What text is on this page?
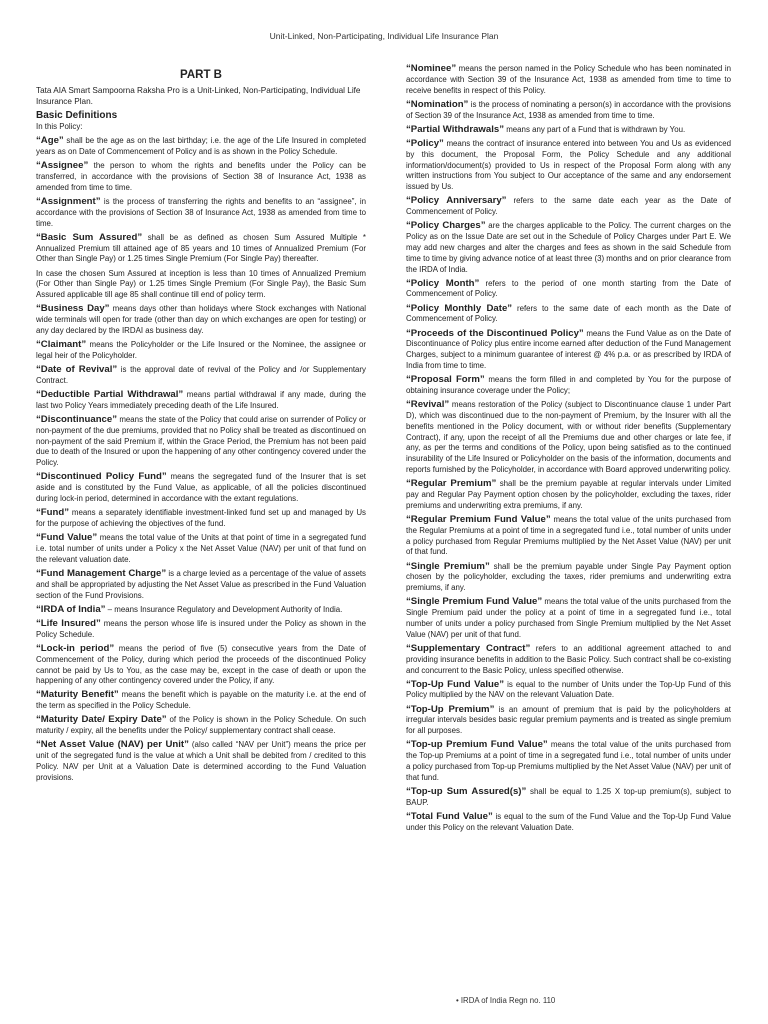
Unit-Linked, Non-Participating, Individual Life Insurance Plan
PART B
Tata AIA Smart Sampoorna Raksha Pro is a Unit-Linked, Non-Participating, Individual Life Insurance Plan.
Basic Definitions
In this Policy:
“Age” shall be the age as on the last birthday; i.e. the age of the Life Insured in completed years as on Date of Commencement of Policy and is as shown in the Policy Schedule.
“Assignee” the person to whom the rights and benefits under the Policy can be transferred, in accordance with the provisions of Section 38 of Insurance Act, 1938 as amended from time to time.
“Assignment” is the process of transferring the rights and benefits to an “assignee”, in accordance with the provisions of Section 38 of Insurance Act, 1938 as amended from time to time.
“Basic Sum Assured” shall be as defined as chosen Sum Assured Multiple * Annualized Premium till attained age of 85 years and 10 times of Annualized Premium (For Other than Single Pay) or 1.25 times Single Premium (For Single Pay) thereafter.
In case the chosen Sum Assured at inception is less than 10 times of Annualized Premium (For Other than Single Pay) or 1.25 times Single Premium (For Single Pay), the Basic Sum Assured applicable till age 85 shall continue till end of policy term.
“Business Day” means days other than holidays where Stock exchanges with National wide terminals will open for trade (other than day on which exchanges are open for testing) or any day declared by the IRDAI as business day.
“Claimant” means the Policyholder or the Life Insured or the Nominee, the assignee or legal heir of the Policyholder.
“Date of Revival” is the approval date of revival of the Policy and /or Supplementary Contract.
“Deductible Partial Withdrawal” means partial withdrawal if any made, during the last two Policy Years immediately preceding death of the Life Insured.
“Discontinuance” means the state of the Policy that could arise on surrender of Policy or non-payment of the due premiums, provided that no Policy shall be treated as discontinued on non-payment of the said Premium if, within the Grace Period, the Premium has not been paid due to death of the Insured or upon the happening of any other contingency covered under the Policy.
“Discontinued Policy Fund” means the segregated fund of the Insurer that is set aside and is constituted by the Fund Value, as applicable, of all the policies discontinued during lock-in period, determined in accordance with the extant regulations.
“Fund” means a separately identifiable investment-linked fund set up and managed by Us for the purpose of achieving the objectives of the fund.
“Fund Value” means the total value of the Units at that point of time in a segregated fund i.e. total number of units under a Policy x the Net Asset Value (NAV) per unit of that fund on the relevant valuation date.
“Fund Management Charge” is a charge levied as a percentage of the value of assets and shall be appropriated by adjusting the Net Asset Value as prescribed in the Fund Valuation section of the Fund Provisions.
“IRDA of India” – means Insurance Regulatory and Development Authority of India.
“Life Insured” means the person whose life is insured under the Policy as shown in the Policy Schedule.
“Lock-in period” means the period of five (5) consecutive years from the Date of Commencement of the Policy, during which period the proceeds of the discontinued Policy cannot be paid by Us to You, as the case may be, except in the case of death or upon the happening of any other contingency covered under the Policy, if any.
“Maturity Benefit” means the benefit which is payable on the maturity i.e. at the end of the term as specified in the Policy Schedule.
“Maturity Date/ Expiry Date” of the Policy is shown in the Policy Schedule. On such maturity / expiry, all the benefits under the Policy/ supplementary contract shall cease.
“Net Asset Value (NAV) per Unit” (also called “NAV per Unit”) means the price per unit of the segregated fund is the value at which a Unit shall be debited from / credited to this Policy. NAV per Unit at a Valuation Date is determined according to the Fund Valuation provisions.
“Nominee” means the person named in the Policy Schedule who has been nominated in accordance with Section 39 of the Insurance Act, 1938 as amended from time to time to receive benefits in respect of this Policy.
“Nomination” is the process of nominating a person(s) in accordance with the provisions of Section 39 of the Insurance Act, 1938 as amended from time to time.
“Partial Withdrawals” means any part of a Fund that is withdrawn by You.
“Policy” means the contract of insurance entered into between You and Us as evidenced by this document, the Proposal Form, the Policy Schedule and any additional information/document(s) provided to Us in respect of the Proposal Form along with any written instructions from You subject to Our acceptance of the same and any endorsement issued by Us.
“Policy Anniversary” refers to the same date each year as the Date of Commencement of Policy.
“Policy Charges” are the charges applicable to the Policy. The current charges on the Policy as on the Issue Date are set out in the Schedule of Policy Charges under Part E. We may add new charges and alter the charges and fees as shown in the said Schedule from time to time by giving advance notice of at least three (3) months and on prior clearance from the IRDA of India.
“Policy Month” refers to the period of one month starting from the Date of Commencement of Policy.
“Policy Monthly Date” refers to the same date of each month as the Date of Commencement of Policy.
“Proceeds of the Discontinued Policy” means the Fund Value as on the Date of Discontinuance of Policy plus entire income earned after deduction of the Fund Management Charges, subject to a minimum guarantee of interest @ 4% p.a. or as prescribed by IRDA of India from time to time.
“Proposal Form” means the form filled in and completed by You for the purpose of obtaining insurance coverage under the Policy;
“Revival” means restoration of the Policy (subject to Discontinuance clause 1 under Part D), which was discontinued due to the non-payment of Premium, by the Insurer with all the benefits mentioned in the Policy document, with or without rider benefits (Supplementary Contract), if any, upon the receipt of all the Premiums due and other charges or late fee, if any, as per the terms and conditions of the Policy, upon being satisfied as to the continued insurability of the Life Insured or Policyholder on the basis of the information, documents and reports furnished by the Policyholder, in accordance with Board approved underwriting policy.
“Regular Premium” shall be the premium payable at regular intervals under Limited pay and Regular Pay Payment option chosen by the policyholder, excluding the taxes, rider premiums and underwriting extra premiums, if any.
“Regular Premium Fund Value” means the total value of the units purchased from the Regular Premiums at a point of time in a segregated fund i.e., total number of units under a policy purchased from Regular Premiums multiplied by the Net Asset Value (NAV) per unit of that fund.
“Single Premium” shall be the premium payable under Single Pay Payment option chosen by the policyholder, excluding the taxes, rider premiums and underwriting extra premiums, if any.
“Single Premium Fund Value” means the total value of the units purchased from the Single Premium paid under the policy at a point of time in a segregated fund i.e., total number of units under a policy purchased from Single Premium multiplied by the Net Asset Value (NAV) per unit of that fund.
“Supplementary Contract” refers to an additional agreement attached to and providing insurance benefits in addition to the Basic Policy. Such contract shall be co-existing and concurrent to the Basic Policy, unless specified otherwise.
“Top-Up Fund Value” is equal to the number of Units under the Top-Up Fund of this Policy multiplied by the NAV on the relevant Valuation Date.
“Top-Up Premium” is an amount of premium that is paid by the policyholders at irregular intervals besides basic regular premium payments and is treated as single premium for all purposes.
“Top-up Premium Fund Value” means the total value of the units purchased from the Top-up Premiums at a point of time in a segregated fund i.e., total number of units under a policy purchased from Top-up Premiums multiplied by the Net Asset Value (NAV) per unit of that fund.
“Top-up Sum Assured(s)” shall be equal to 1.25 X top-up premium(s), subject to BAUP.
“Total Fund Value” is equal to the sum of the Fund Value and the Top-Up Fund Value under this Policy on the relevant Valuation Date.
• IRDA of India Regn no. 110
